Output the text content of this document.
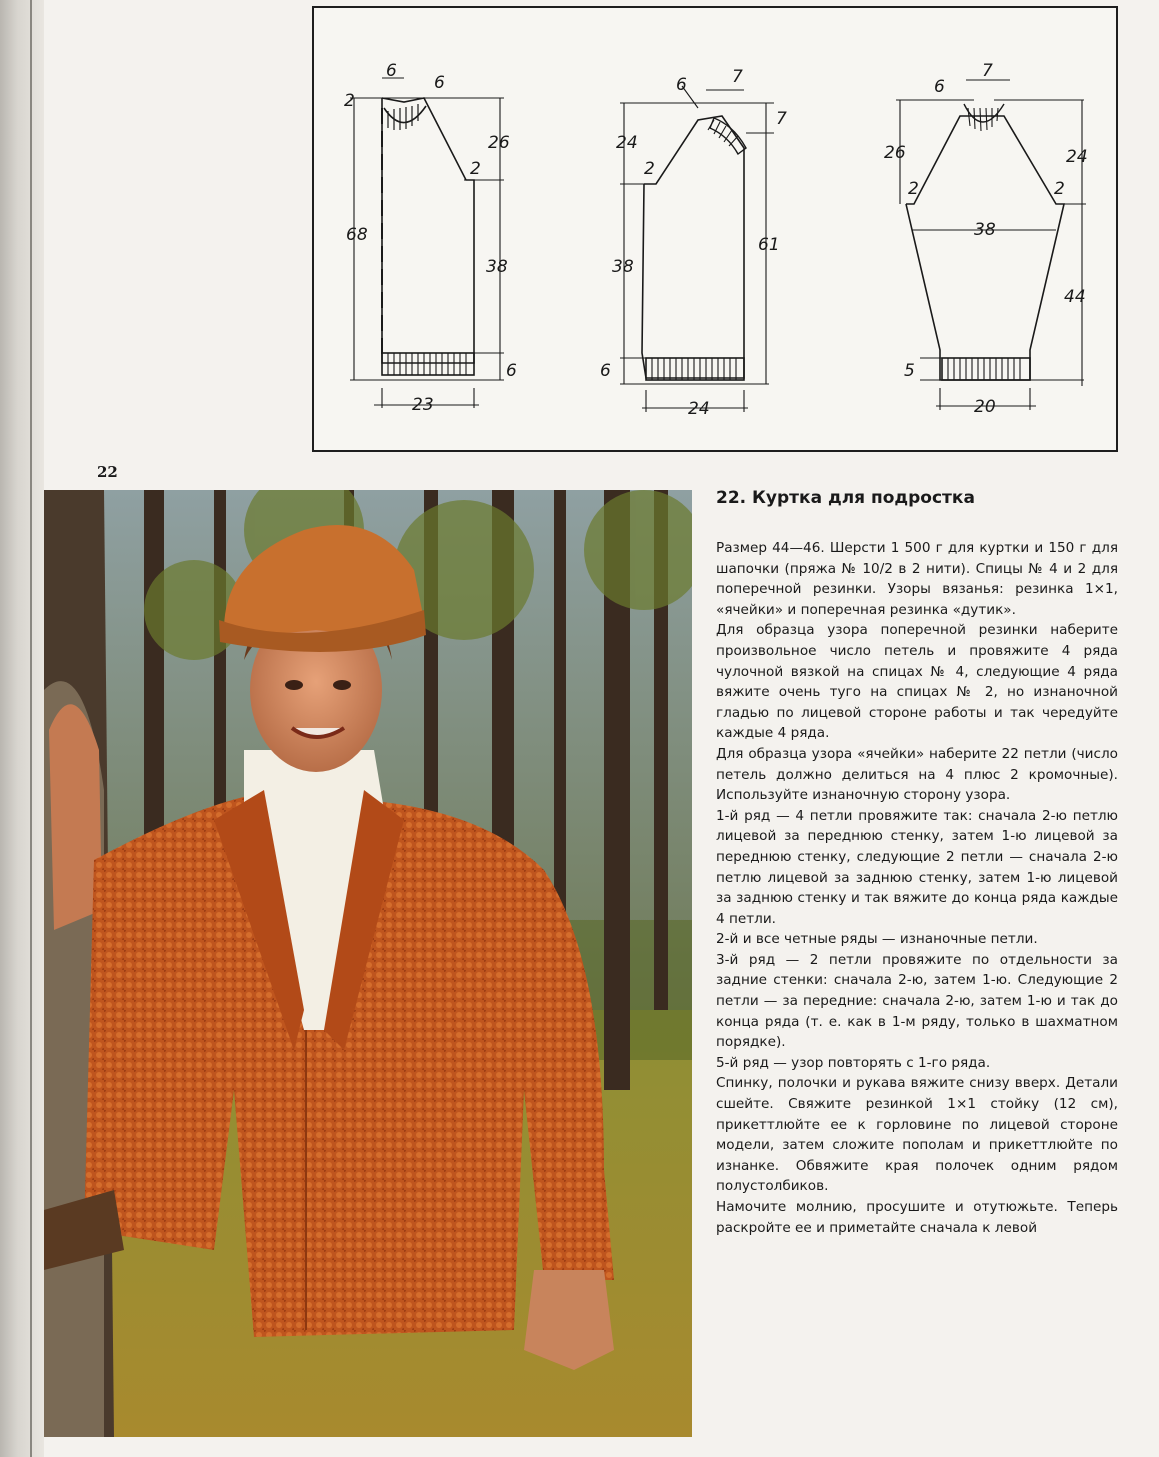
2
6
6
26
2
68
38
6
23
6	7
7
24
2
61
38
6
24
6
7
26	24
2	2
38
44
5
20
22
22. Куртка для подростка

Размер 44—46. Шерсти 1 500 г для куртки и 150 г для шапочки (пряжа № 10/2 в 2 нити). Спицы № 4 и 2 для поперечной резинки. Узоры вязанья: резинка 1×1, «ячейки» и поперечная резинка «дутик».

Для образца узора поперечной резинки наберите произвольное число петель и провяжите 4 ряда чулочной вязкой на спицах № 4, следующие 4 ряда вяжите очень туго на спицах № 2, но изнаночной гладью по лицевой стороне работы и так чередуйте каждые 4 ряда.

Для образца узора «ячейки» наберите 22 петли (число петель должно делиться на 4 плюс 2 кромочные). Используйте изнаночную сторону узора.

1-й ряд — 4 петли провяжите так: сначала 2-ю петлю лицевой за переднюю стенку, затем 1-ю лицевой за переднюю стенку, следующие 2 петли — сначала 2-ю петлю лицевой за заднюю стенку, затем 1-ю лицевой за заднюю стенку и так вяжите до конца ряда каждые 4 петли.

2-й и все четные ряды — изнаночные петли.

3-й ряд — 2 петли провяжите по отдельности за задние стенки: сначала 2-ю, затем 1-ю. Следующие 2 петли — за передние: сначала 2-ю, затем 1-ю и так до конца ряда (т. е. как в 1-м ряду, только в шахматном порядке).

5-й ряд — узор повторять с 1-го ряда.

Спинку, полочки и рукава вяжите снизу вверх. Детали сшейте. Свяжите резинкой 1×1 стойку (12 см), прикеттлюйте ее к горловине по лицевой стороне модели, затем сложите пополам и прикеттлюйте по изнанке. Обвяжите края полочек одним рядом полустолбиков.

Намочите молнию, просушите и отутюжьте. Теперь раскройте ее и приметайте сначала к левой
